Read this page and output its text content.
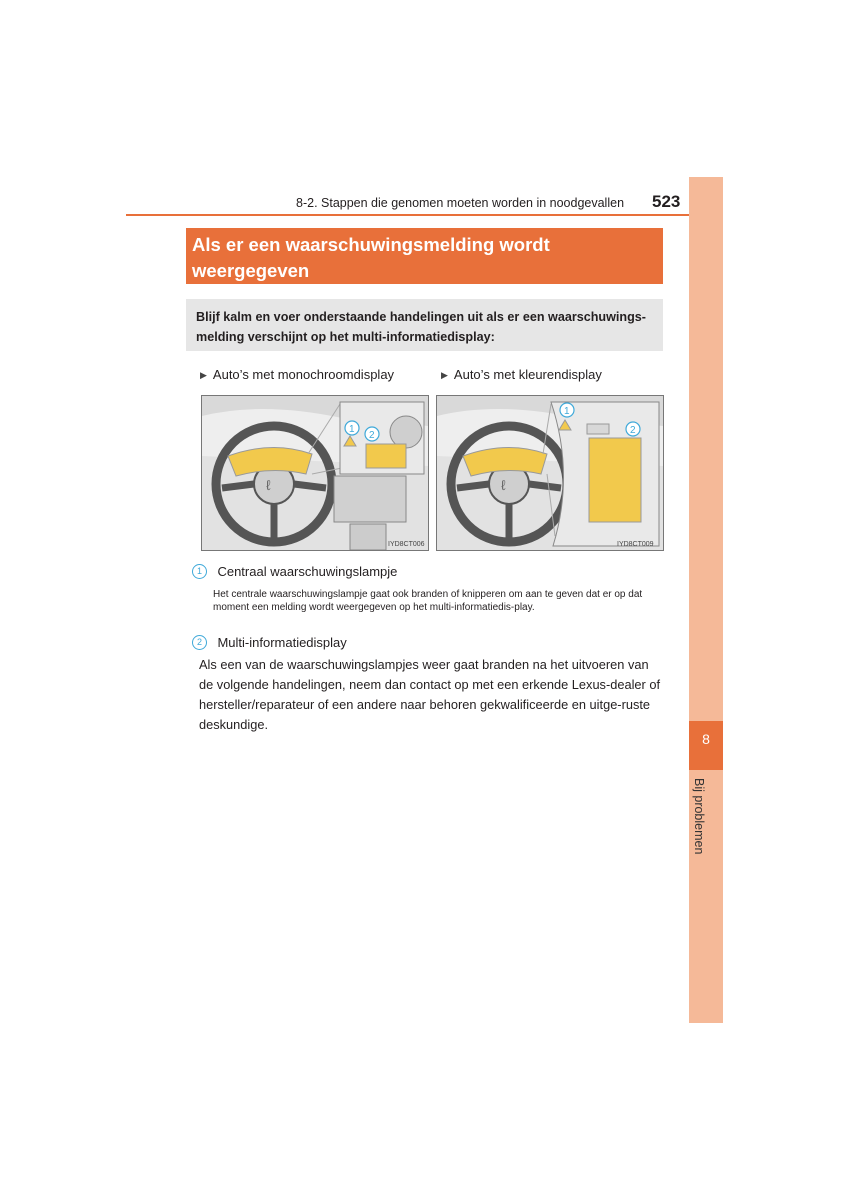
8
Bij problemen
8-2. Stappen die genomen moeten worden in noodgevallen 523
Als er een waarschuwingsmelding wordt weergegeven
Blijf kalm en voer onderstaande handelingen uit als er een waarschuwings-melding verschijnt op het multi-informatiedisplay:
▶ Auto’s met monochroomdisplay	▶ Auto’s met kleurendisplay
ℓ
1
2
IYD8CT006
ℓ
1
2
IYD8CT009
1 Centraal waarschuwingslampje
Het centrale waarschuwingslampje gaat ook branden of knipperen om aan te geven dat er op dat moment een melding wordt weergegeven op het multi-informatiedis-play.
2 Multi-informatiedisplay
Als een van de waarschuwingslampjes weer gaat branden na het uitvoeren van de volgende handelingen, neem dan contact op met een erkende Lexus-dealer of hersteller/reparateur of een andere naar behoren gekwalificeerde en uitge-ruste deskundige.
